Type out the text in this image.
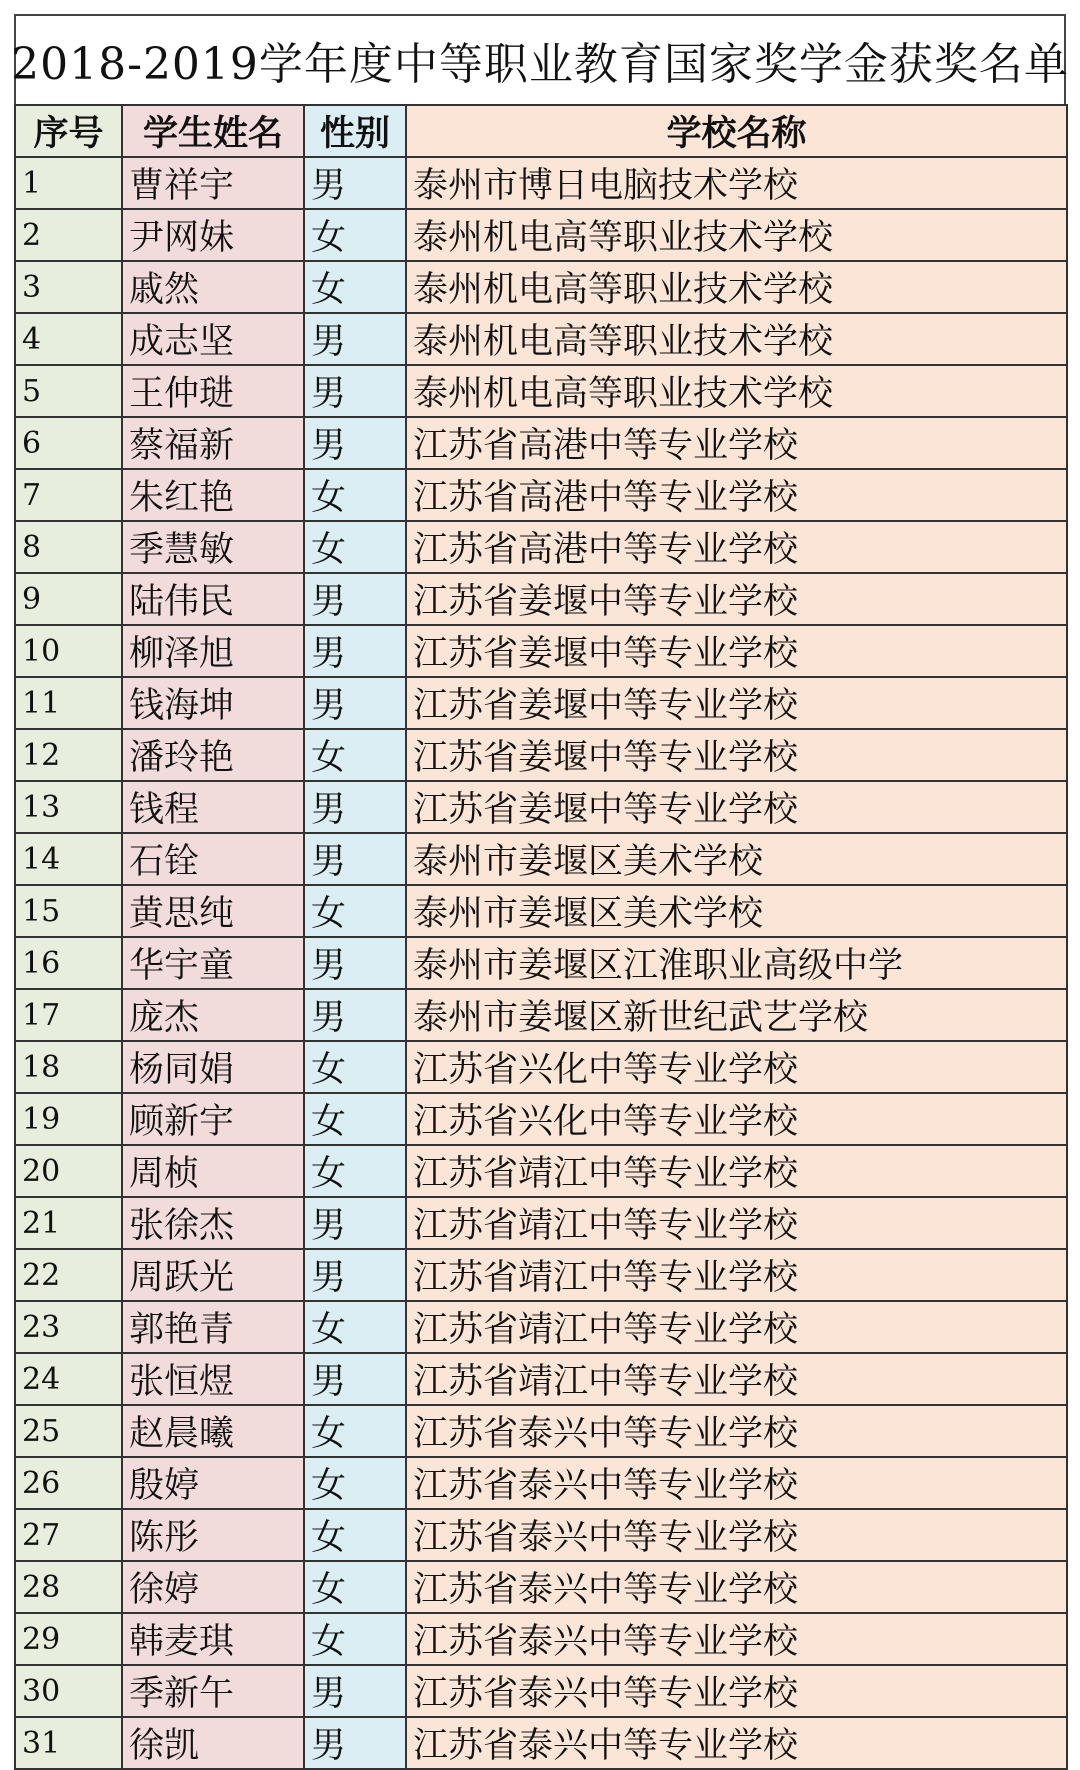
2018-2019学年度中等职业教育国家奖学金获奖名单
序号	学生姓名	性别	学校名称
1	曹祥宇	男	泰州市博日电脑技术学校
2	尹网妹	女	泰州机电高等职业技术学校
3	戚然	女	泰州机电高等职业技术学校
4	成志坚	男	泰州机电高等职业技术学校
5	王仲琎	男	泰州机电高等职业技术学校
6	蔡福新	男	江苏省高港中等专业学校
7	朱红艳	女	江苏省高港中等专业学校
8	季慧敏	女	江苏省高港中等专业学校
9	陆伟民	男	江苏省姜堰中等专业学校
10	柳泽旭	男	江苏省姜堰中等专业学校
11	钱海坤	男	江苏省姜堰中等专业学校
12	潘玲艳	女	江苏省姜堰中等专业学校
13	钱程	男	江苏省姜堰中等专业学校
14	石铨	男	泰州市姜堰区美术学校
15	黄思纯	女	泰州市姜堰区美术学校
16	华宇童	男	泰州市姜堰区江淮职业高级中学
17	庞杰	男	泰州市姜堰区新世纪武艺学校
18	杨同娟	女	江苏省兴化中等专业学校
19	顾新宇	女	江苏省兴化中等专业学校
20	周桢	女	江苏省靖江中等专业学校
21	张徐杰	男	江苏省靖江中等专业学校
22	周跃光	男	江苏省靖江中等专业学校
23	郭艳青	女	江苏省靖江中等专业学校
24	张恒煜	男	江苏省靖江中等专业学校
25	赵晨曦	女	江苏省泰兴中等专业学校
26	殷婷	女	江苏省泰兴中等专业学校
27	陈彤	女	江苏省泰兴中等专业学校
28	徐婷	女	江苏省泰兴中等专业学校
29	韩麦琪	女	江苏省泰兴中等专业学校
30	季新午	男	江苏省泰兴中等专业学校
31	徐凯	男	江苏省泰兴中等专业学校
